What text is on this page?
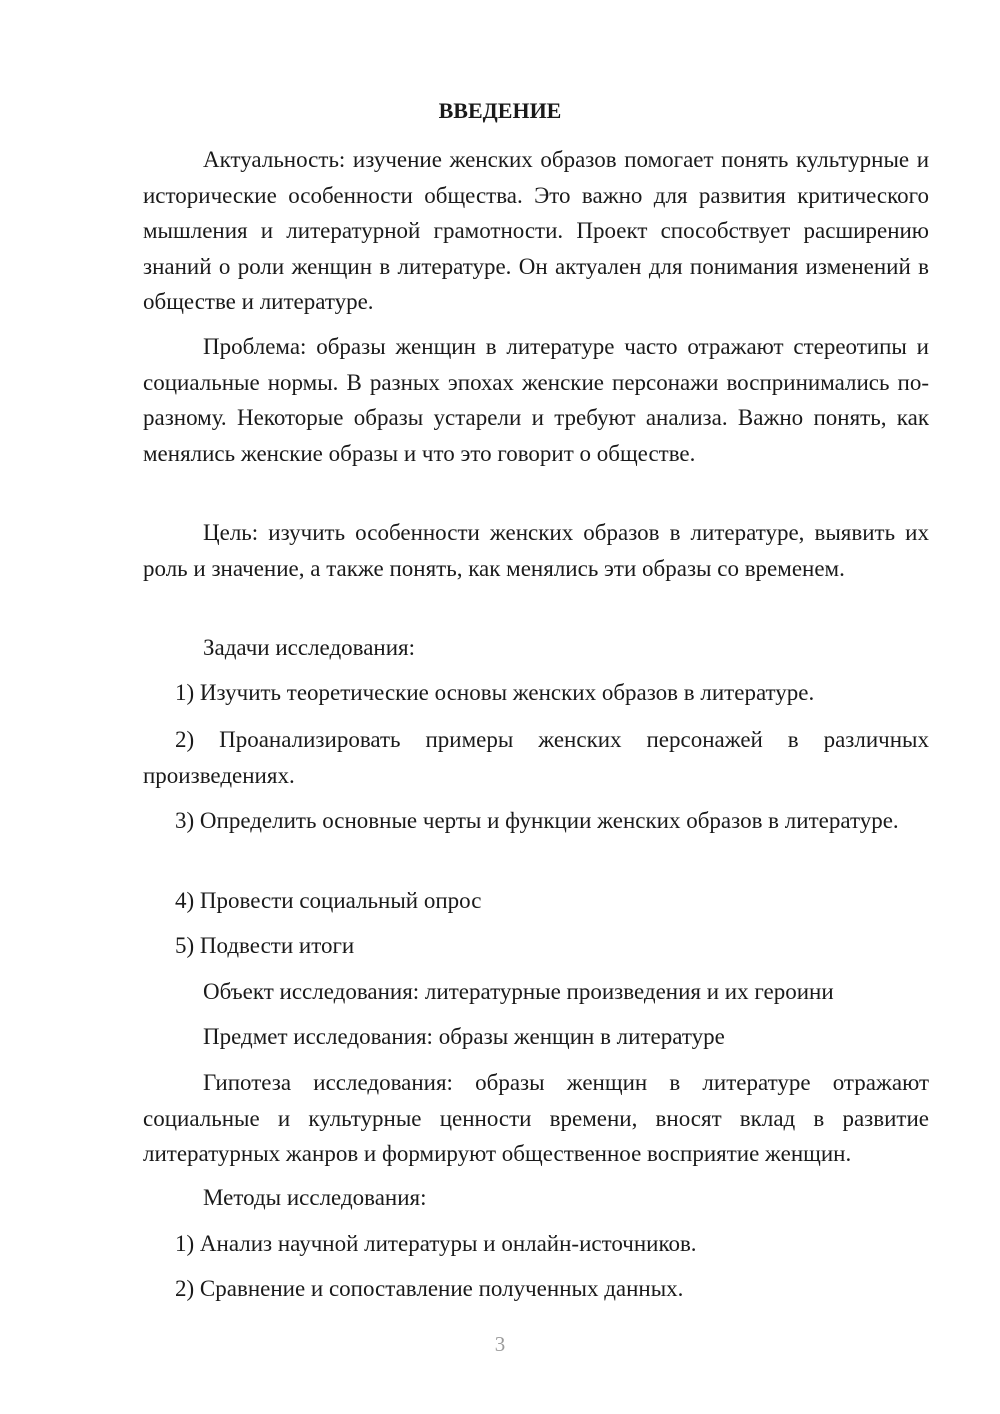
ВВЕДЕНИЕ

Актуальность: изучение женских образов помогает понять культурные и исторические особенности общества. Это важно для развития критического мышления и литературной грамотности. Проект способствует расширению знаний о роли женщин в литературе. Он актуален для понимания изменений в обществе и литературе.

Проблема: образы женщин в литературе часто отражают стереотипы и социальные нормы. В разных эпохах женские персонажи воспринимались по-разному. Некоторые образы устарели и требуют анализа. Важно понять, как менялись женские образы и что это говорит о обществе.

Цель: изучить особенности женских образов в литературе, выявить их роль и значение, а также понять, как менялись эти образы со временем.

Задачи исследования:

1) Изучить теоретические основы женских образов в литературе.

2) Проанализировать примеры женских персонажей в различных произведениях.

3) Определить основные черты и функции женских образов в литературе.

4) Провести социальный опрос

5) Подвести итоги

Объект исследования: литературные произведения и их героини

Предмет исследования: образы женщин в литературе

Гипотеза исследования: образы женщин в литературе отражают социальные и культурные ценности времени, вносят вклад в развитие литературных жанров и формируют общественное восприятие женщин.

Методы исследования:

1) Анализ научной литературы и онлайн-источников.

2) Сравнение и сопоставление полученных данных.

3
